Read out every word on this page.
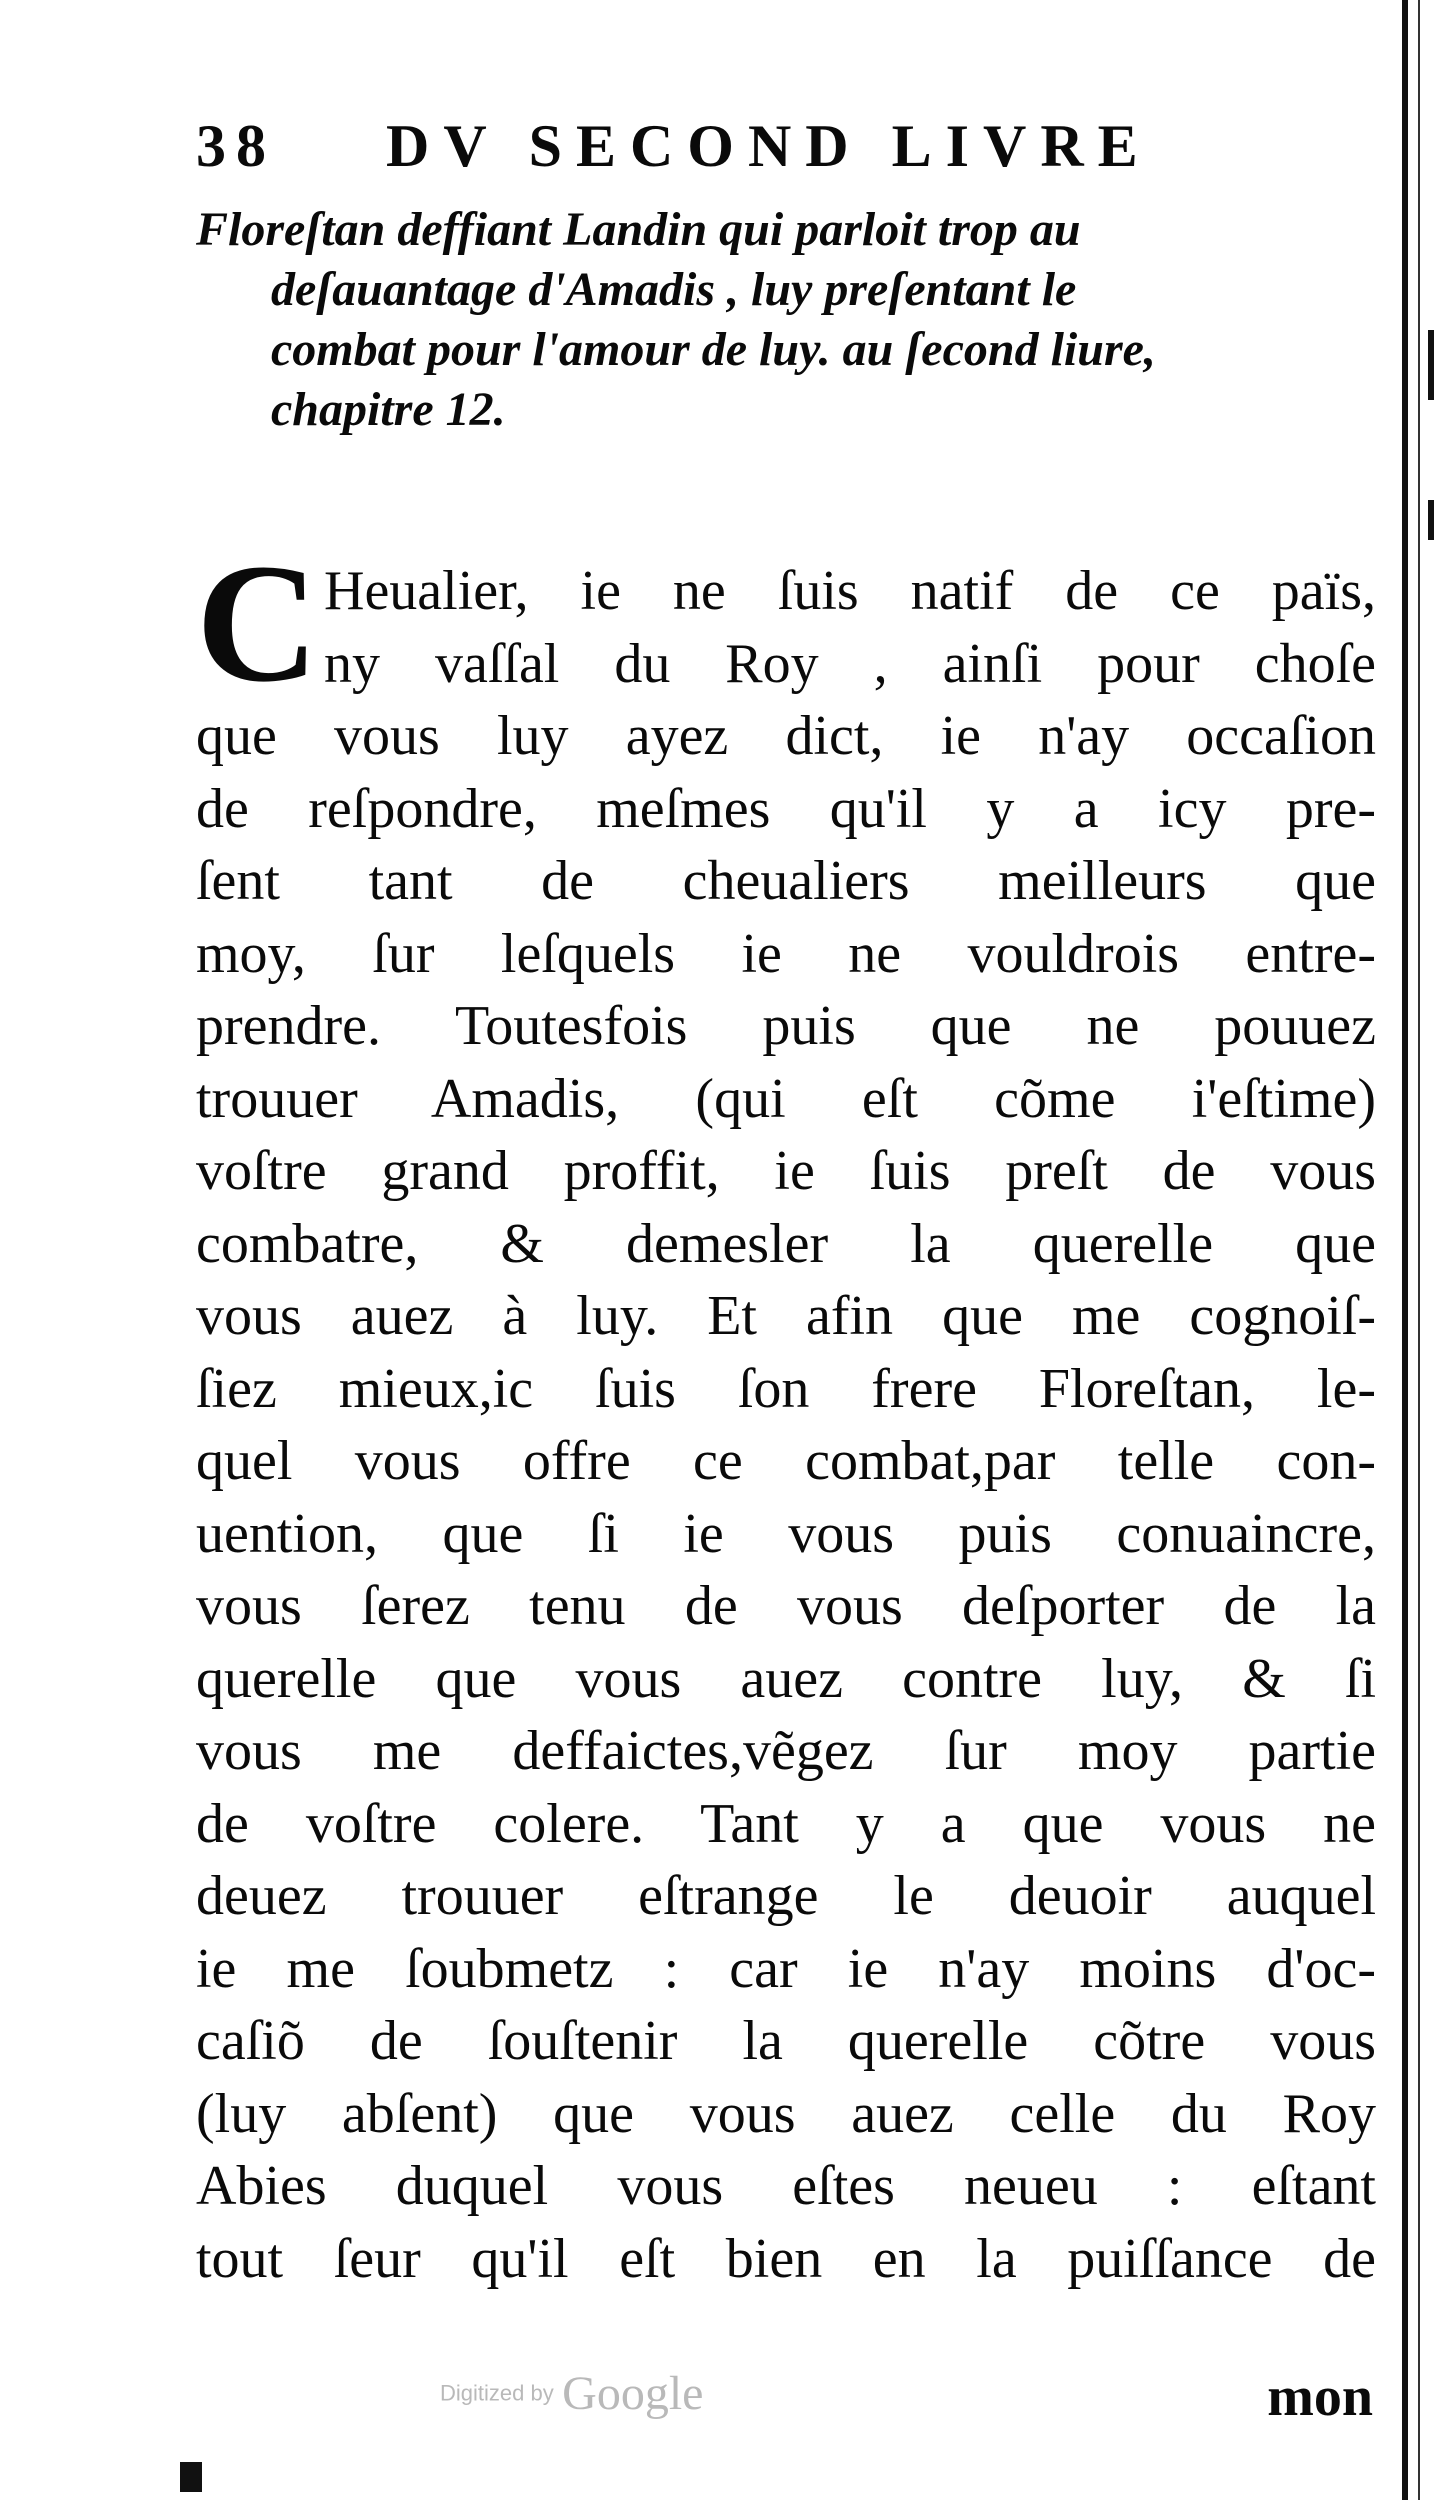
38 DV SECOND LIVRE
Floreſtan deffiant Landin qui parloit trop au
deſauantage d'Amadis , luy preſentant le
combat pour l'amour de luy. au ſecond liure,
chapitre 12.
C Heualier, ie ne ſuis natif de ce païs,
ny vaſſal du Roy , ainſi pour choſe
que vous luy ayez dict, ie n'ay occaſion
de reſpondre, meſmes qu'il y a icy pre-
ſent tant de cheualiers meilleurs que
moy, ſur leſquels ie ne vouldrois entre-
prendre. Toutesfois puis que ne pouuez
trouuer Amadis, (qui eſt cõme i'eſtime)
voſtre grand proffit, ie ſuis preſt de vous
combatre, & demesler la querelle que
vous auez à luy. Et afin que me cognoiſ-
ſiez mieux,ic ſuis ſon frere Floreſtan, le-
quel vous offre ce combat,par telle con-
uention, que ſi ie vous puis conuaincre,
vous ſerez tenu de vous deſporter de la
querelle que vous auez contre luy, & ſi
vous me deffaictes,vẽgez ſur moy partie
de voſtre colere. Tant y a que vous ne
deuez trouuer eſtrange le deuoir auquel
ie me ſoubmetz : car ie n'ay moins d'oc-
caſiõ de ſouſtenir la querelle cõtre vous
(luy abſent) que vous auez celle du Roy
Abies duquel vous eſtes neueu : eſtant
tout ſeur qu'il eſt bien en la puiſſance de
Digitized by Google	mon
